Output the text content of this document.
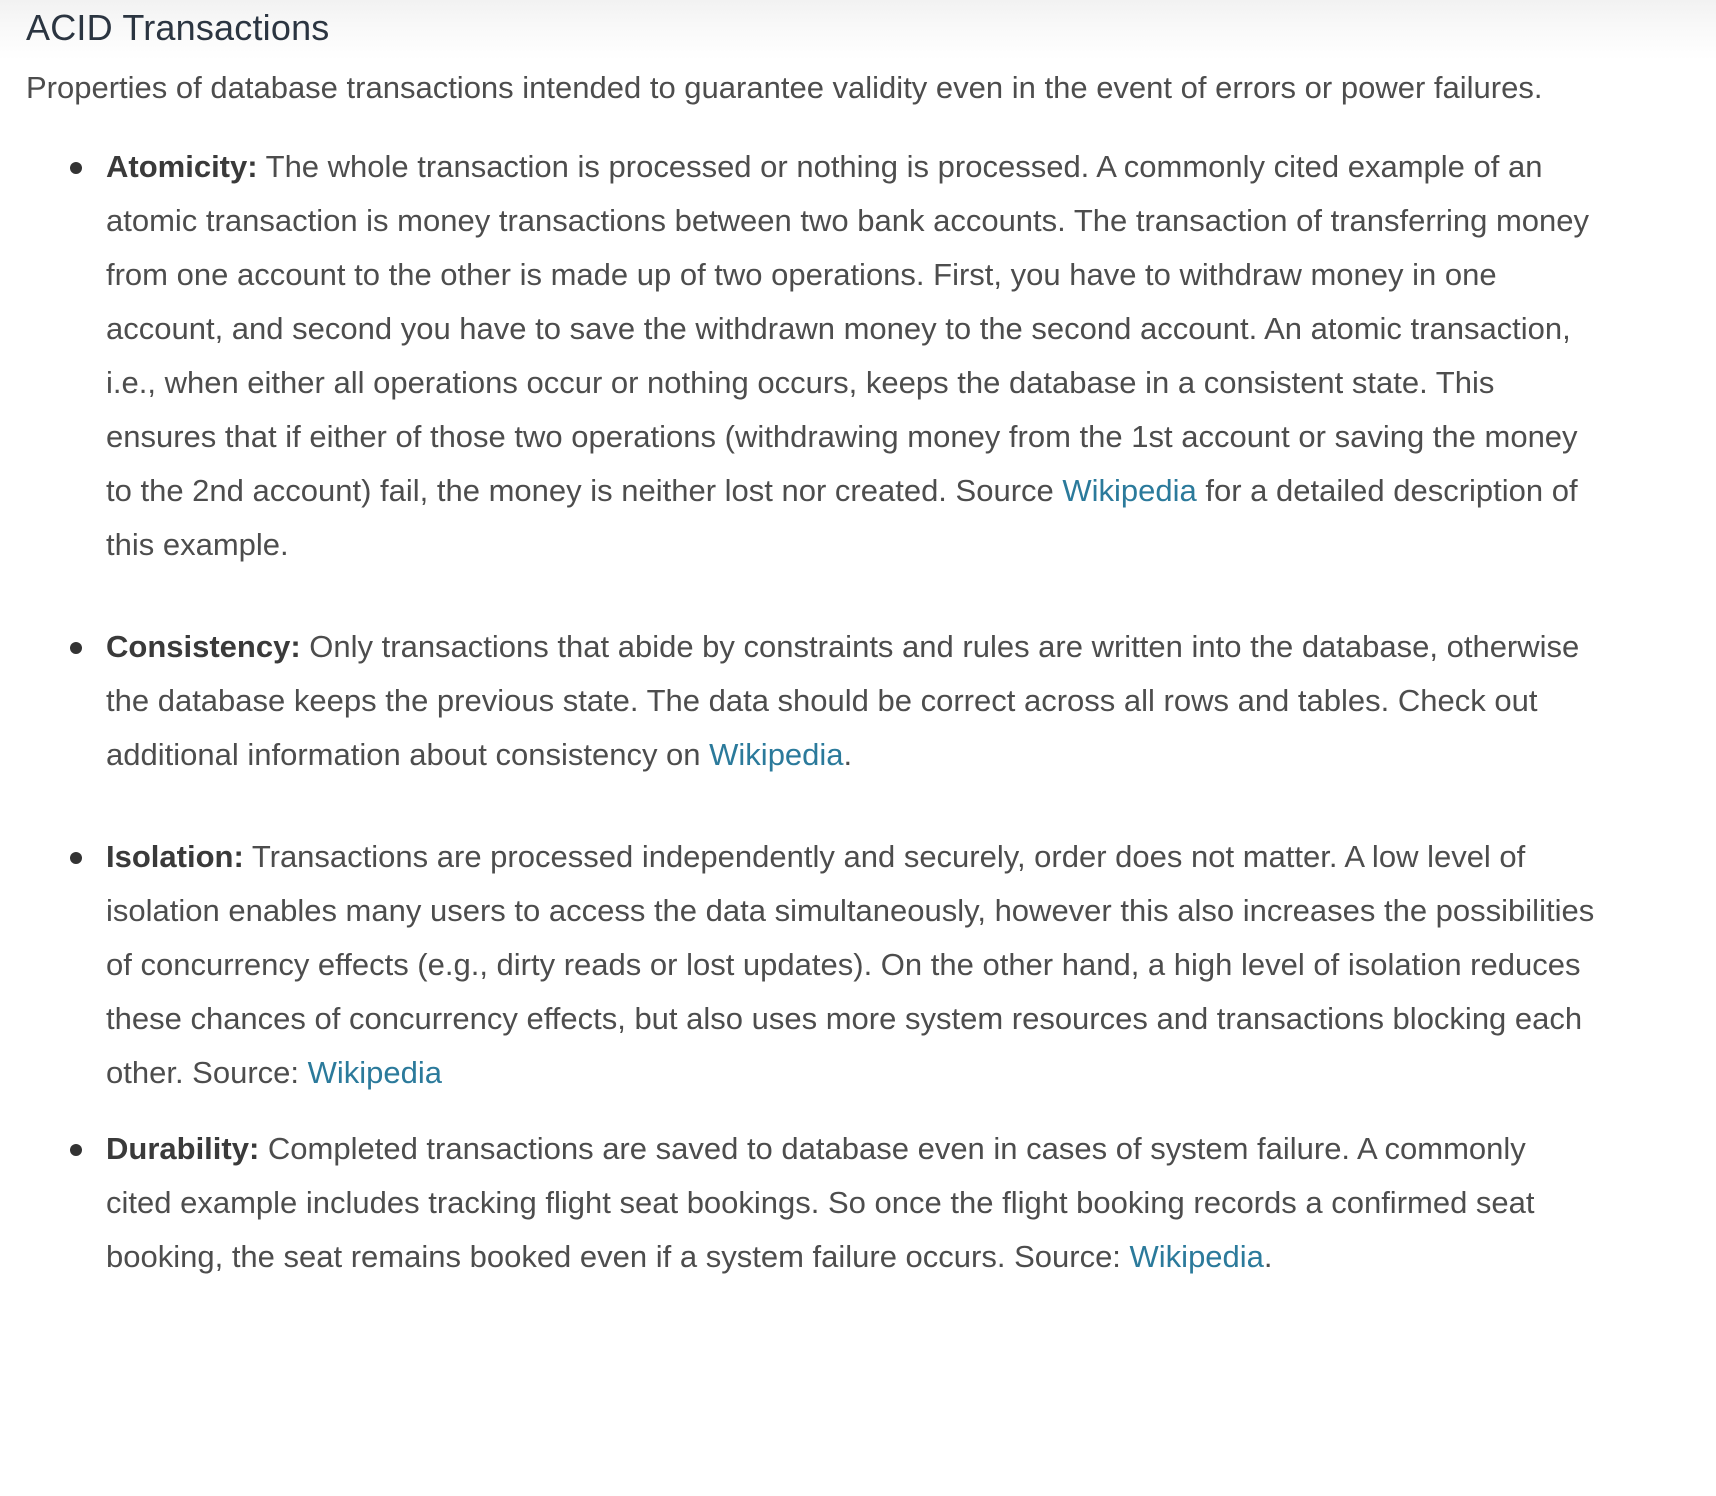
ACID Transactions

Properties of database transactions intended to guarantee validity even in the event of errors or power failures.

Atomicity: The whole transaction is processed or nothing is processed. A commonly cited example of an atomic transaction is money transactions between two bank accounts. The transaction of transferring money from one account to the other is made up of two operations. First, you have to withdraw money in one account, and second you have to save the withdrawn money to the second account. An atomic transaction, i.e., when either all operations occur or nothing occurs, keeps the database in a consistent state. This ensures that if either of those two operations (withdrawing money from the 1st account or saving the money to the 2nd account) fail, the money is neither lost nor created. Source Wikipedia for a detailed description of this example.
Consistency: Only transactions that abide by constraints and rules are written into the database, otherwise the database keeps the previous state. The data should be correct across all rows and tables. Check out additional information about consistency on Wikipedia.
Isolation: Transactions are processed independently and securely, order does not matter. A low level of isolation enables many users to access the data simultaneously, however this also increases the possibilities of concurrency effects (e.g., dirty reads or lost updates). On the other hand, a high level of isolation reduces these chances of concurrency effects, but also uses more system resources and transactions blocking each other. Source: Wikipedia
Durability: Completed transactions are saved to database even in cases of system failure. A commonly cited example includes tracking flight seat bookings. So once the flight booking records a confirmed seat booking, the seat remains booked even if a system failure occurs. Source: Wikipedia.
